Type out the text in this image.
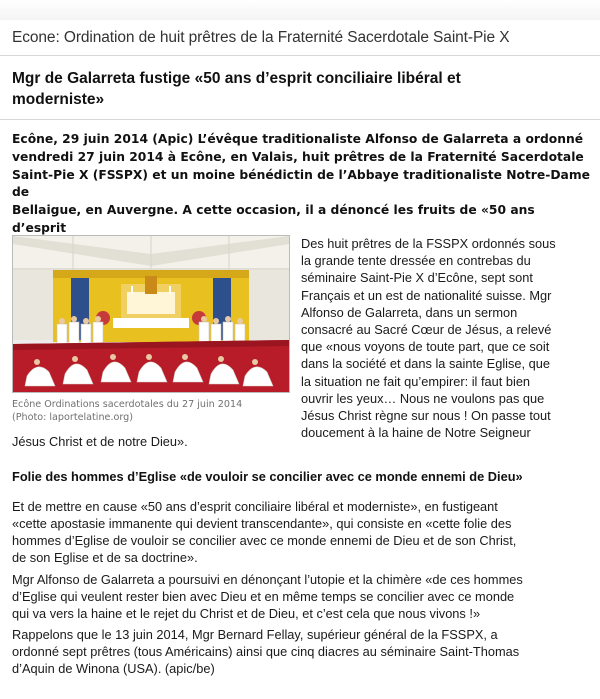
Econe: Ordination de huit prêtres de la Fraternité Sacerdotale Saint-Pie X
Mgr de Galarreta fustige «50 ans d’esprit conciliaire libéral et
moderniste»
Ecône, 29 juin 2014 (Apic) L’évêque traditionaliste Alfonso de Galarreta a ordonné
vendredi 27 juin 2014 à Ecône, en Valais, huit prêtres de la Fraternité Sacerdotale
Saint-Pie X (FSSPX) et un moine bénédictin de l’Abbaye traditionaliste Notre-Dame de
Bellaigue, en Auvergne. A cette occasion, il a dénoncé les fruits de «50 ans d’esprit
Ecône Ordinations sacerdotales du 27 juin 2014
(Photo: laportelatine.org)
Des huit prêtres de la FSSPX ordonnés sous
la grande tente dressée en contrebas du
séminaire Saint-Pie X d’Ecône, sept sont
Français et un est de nationalité suisse. Mgr
Alfonso de Galarreta, dans un sermon
consacré au Sacré Cœur de Jésus, a relevé
que «nous voyons de toute part, que ce soit
dans la société et dans la sainte Eglise, que
la situation ne fait qu’empirer: il faut bien
ouvrir les yeux… Nous ne voulons pas que
Jésus Christ règne sur nous ! On passe tout
doucement à la haine de Notre Seigneur
Jésus Christ et de notre Dieu».
Folie des hommes d’Eglise «de vouloir se concilier avec ce monde ennemi de Dieu»
Et de mettre en cause «50 ans d’esprit conciliaire libéral et moderniste», en fustigeant
«cette apostasie immanente qui devient transcendante», qui consiste en «cette folie des
hommes d’Eglise de vouloir se concilier avec ce monde ennemi de Dieu et de son Christ,
de son Eglise et de sa doctrine».
Mgr Alfonso de Galarreta a poursuivi en dénonçant l’utopie et la chimère «de ces hommes
d’Eglise qui veulent rester bien avec Dieu et en même temps se concilier avec ce monde
qui va vers la haine et le rejet du Christ et de Dieu, et c’est cela que nous vivons !»
Rappelons que le 13 juin 2014, Mgr Bernard Fellay, supérieur général de la FSSPX, a
ordonné sept prêtres (tous Américains) ainsi que cinq diacres au séminaire Saint-Thomas
d’Aquin de Winona (USA). (apic/be)
